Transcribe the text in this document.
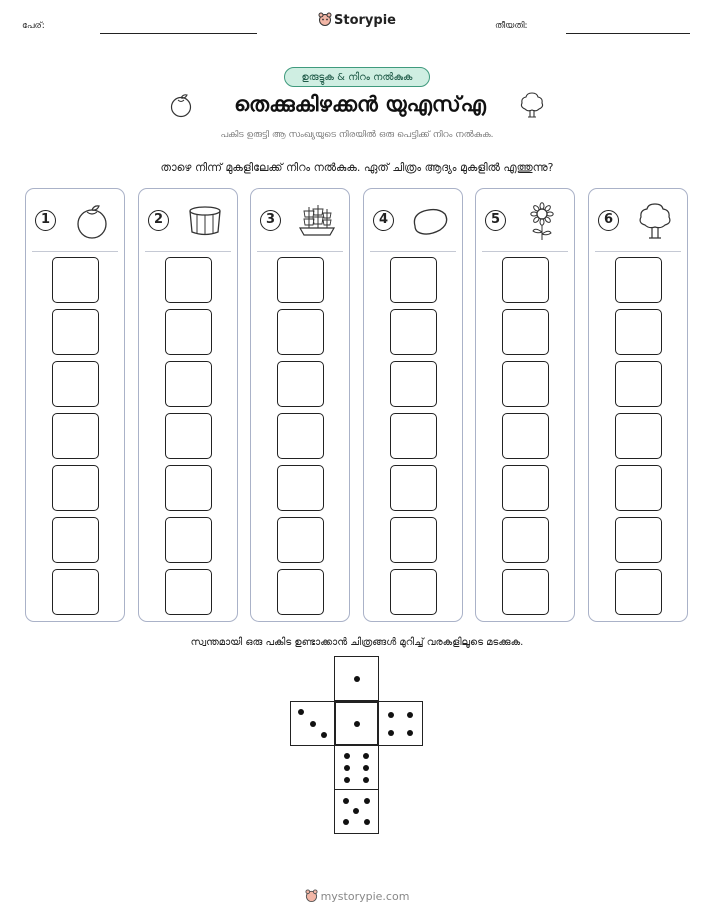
പേര്:	Storypie	തീയതി:
ഉരുട്ടുക & നിറം നൽകുക
തെക്കുകിഴക്കൻ യുഎസ്എ
പകിട ഉരുട്ടി ആ സംഖ്യയുടെ നിരയിൽ ഒരു പെട്ടിക്ക് നിറം നൽകുക.
താഴെ നിന്ന് മുകളിലേക്ക് നിറം നൽകുക. ഏത് ചിത്രം ആദ്യം മുകളിൽ എത്തുന്നു?
1	2	3	4	5	6
സ്വന്തമായി ഒരു പകിട ഉണ്ടാക്കാൻ ചിത്രങ്ങൾ മുറിച്ച് വരകളിലൂടെ മടക്കുക.
mystorypie.com
